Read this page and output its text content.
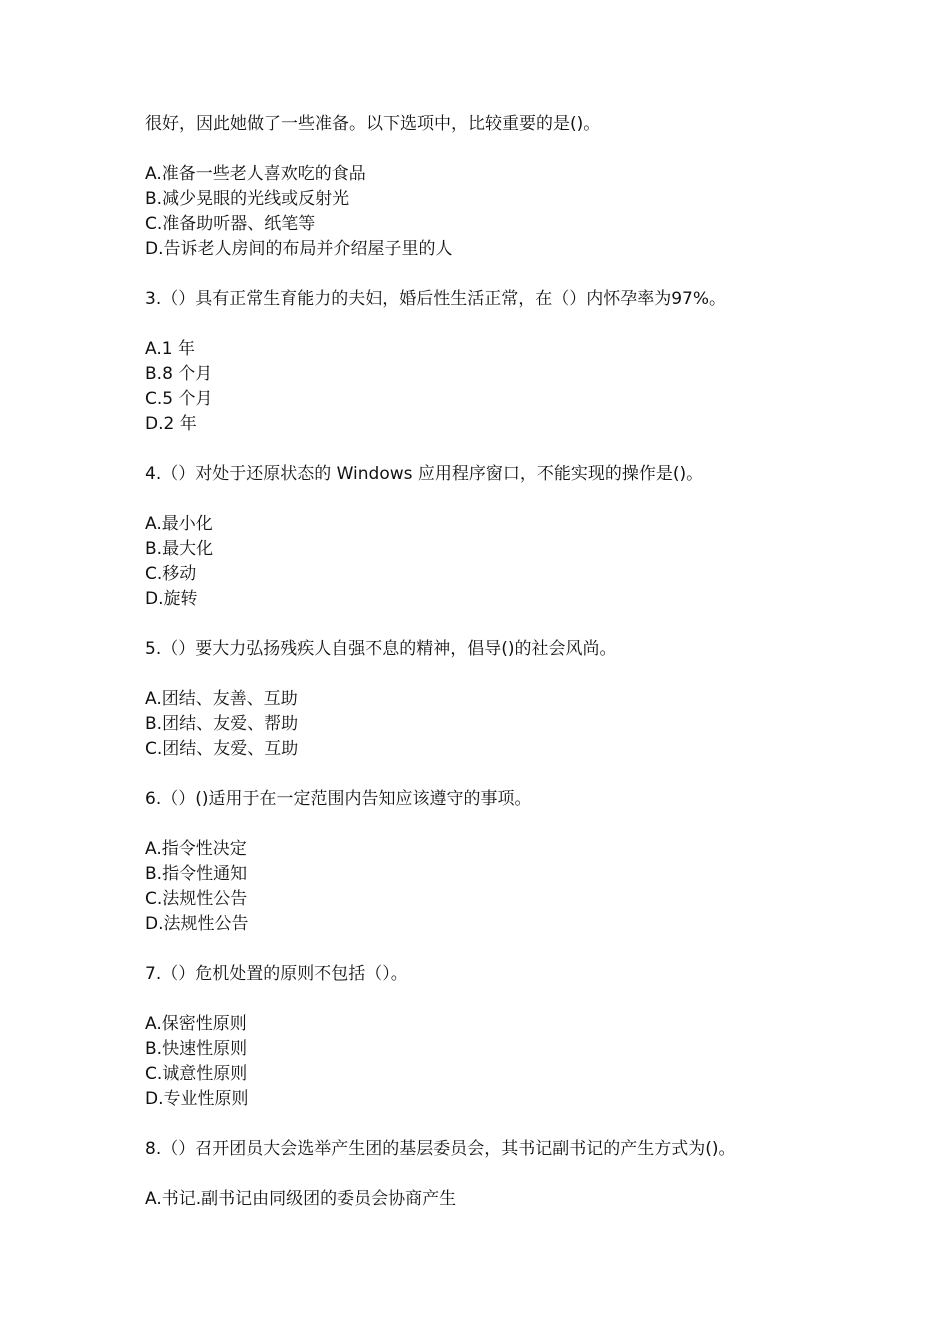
很好，因此她做了一些准备。以下选项中，比较重要的是()。
A.准备一些老人喜欢吃的食品
B.减少晃眼的光线或反射光
C.准备助听器、纸笔等
D.告诉老人房间的布局并介绍屋子里的人
3.（）具有正常生育能力的夫妇，婚后性生活正常，在（）内怀孕率为97%。
A.1 年
B.8 个月
C.5 个月
D.2 年
4.（）对处于还原状态的 Windows 应用程序窗口，不能实现的操作是()。
A.最小化
B.最大化
C.移动
D.旋转
5.（）要大力弘扬残疾人自强不息的精神，倡导()的社会风尚。
A.团结、友善、互助
B.团结、友爱、帮助
C.团结、友爱、互助
6.（）()适用于在一定范围内告知应该遵守的事项。
A.指令性决定
B.指令性通知
C.法规性公告
D.法规性公告
7.（）危机处置的原则不包括（）。
A.保密性原则
B.快速性原则
C.诚意性原则
D.专业性原则
8.（）召开团员大会选举产生团的基层委员会，其书记副书记的产生方式为()。
A.书记.副书记由同级团的委员会协商产生
